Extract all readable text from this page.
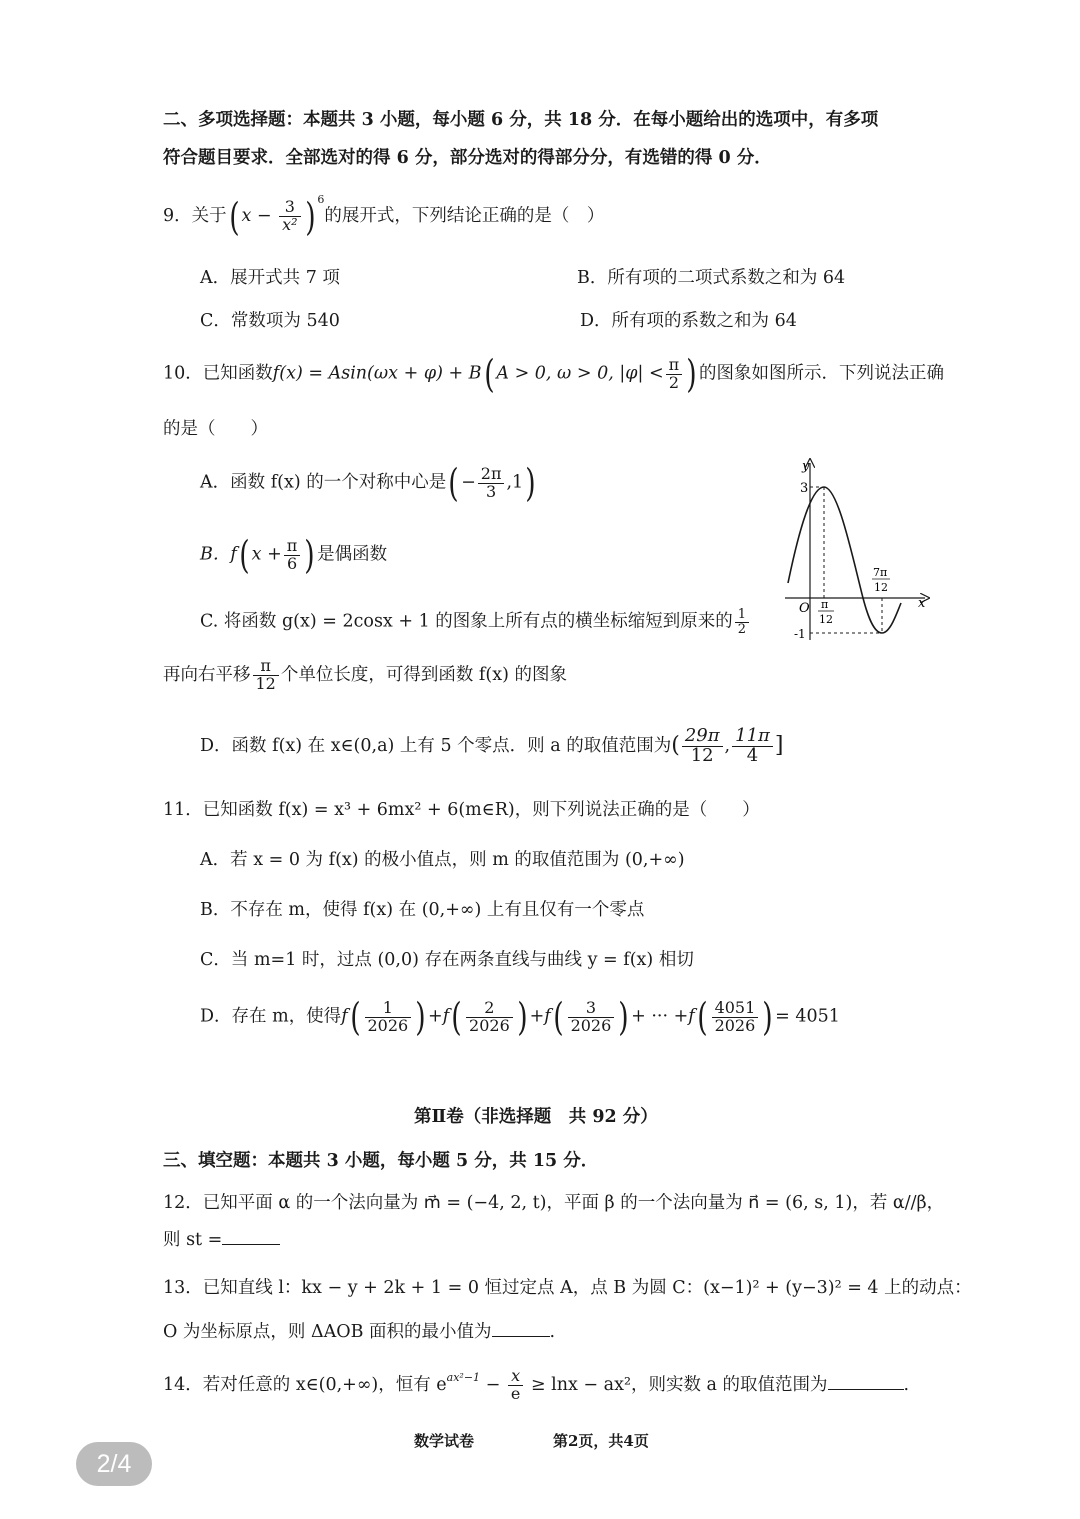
二、多项选择题：本题共 3 小题，每小题 6 分，共 18 分．在每小题给出的选项中，有多项
符合题目要求．全部选对的得 6 分，部分选对的得部分分，有选错的得 0 分．
9．关于( $x - \frac{3}{\text{x²}}$ ) $^6$的展开式，下列结论正确的是（　）
A．展开式共 7 项	B．所有项的二项式系数之和为 64
C．常数项为 540	D．所有项的系数之和为 64
10．已知函数f(x) = Asin(ωx + φ) + B( A > 0, ω > 0, $|\varphi| < \frac{\pi}{2}$ ) 的图象如图所示．下列说法正确
的是（　　）
A．函数 f(x) 的一个对称中心是( − $\frac{2\pi}{3} ,1$)
B．f( $x + \frac{\pi}{6}$ ) 是偶函数
C. 将函数 g(x) = 2cosx + 1 的图象上所有点的横坐标缩短到原来的 $\frac{1}{2}$
再向右平移 $\frac{\pi}{12}$ 个单位长度，可得到函数 f(x) 的图象
D．函数 f(x) 在 x∈(0,a) 上有 5 个零点．则 a 的取值范围为( $\frac{29\pi}{12}$ , $\frac{11\pi}{4}$ ]
y
x
O
3
-1
π
12
7π
12
11．已知函数 f(x) = x³ + 6mx² + 6(m∈R)，则下列说法正确的是（　　）
A．若 x = 0 为 f(x) 的极小值点，则 m 的取值范围为 (0,+∞)
B．不存在 m，使得 f(x) 在 (0,+∞) 上有且仅有一个零点
C．当 m=1 时，过点 (0,0) 存在两条直线与曲线 y = f(x) 相切
D．存在 m，使得$f( \frac{1}{2026}$ ) $+f( \frac{2}{2026}$ ) $+f( \frac{3}{2026}$ ) + ··· $+f( \frac{4051}{2026}$ ) = 4051
第Ⅱ卷（非选择题　共 92 分）
三、填空题：本题共 3 小题，每小题 5 分，共 15 分．
12．已知平面 α 的一个法向量为 m⃗ = (−4, 2, t)，平面 β 的一个法向量为 n⃗ = (6, s, 1)，若 α//β，
则 st =
13．已知直线 l：kx − y + 2k + 1 = 0 恒过定点 A，点 B 为圆 C：(x−1)² + (y−3)² = 4 上的动点：
O 为坐标原点，则 ΔAOB 面积的最小值为	.
14．若对任意的 x∈(0,+∞)，恒有 $e^{ax^2-1} - \frac{x}{e} \ge \ln x - ax^2$，则实数 a 的取值范围为	.
数学试卷	第2页，共4页
2/4
